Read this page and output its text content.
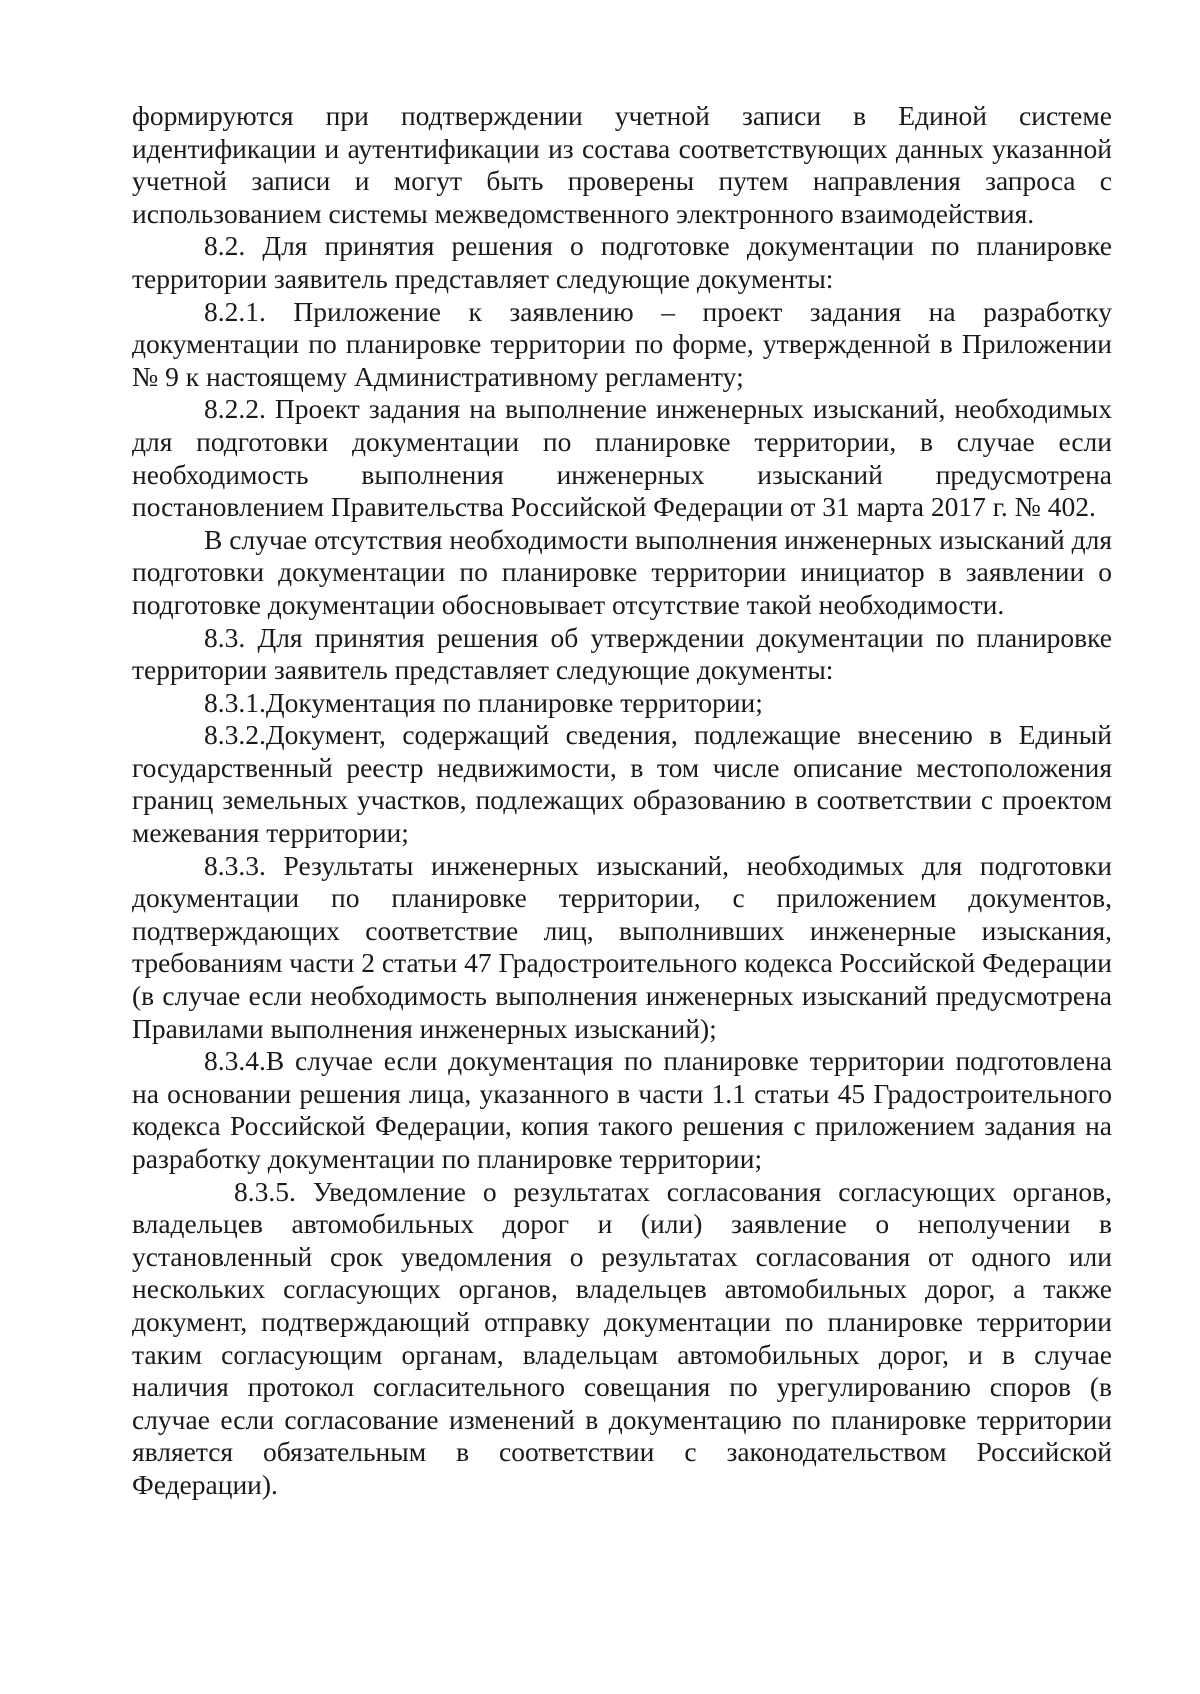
формируются при подтверждении учетной записи в Единой системе идентификации и аутентификации из состава соответствующих данных указанной учетной записи и могут быть проверены путем направления запроса с использованием системы межведомственного электронного взаимодействия.

8.2. Для принятия решения о подготовке документации по планировке территории заявитель представляет следующие документы:

8.2.1. Приложение к заявлению – проект задания на разработку документации по планировке территории по форме, утвержденной в Приложении № 9 к настоящему Административному регламенту;

8.2.2. Проект задания на выполнение инженерных изысканий, необходимых для подготовки документации по планировке территории, в случае если необходимость выполнения инженерных изысканий предусмотрена постановлением Правительства Российской Федерации от 31 марта 2017 г. № 402.

В случае отсутствия необходимости выполнения инженерных изысканий для подготовки документации по планировке территории инициатор в заявлении о подготовке документации обосновывает отсутствие такой необходимости.

8.3. Для принятия решения об утверждении документации по планировке территории заявитель представляет следующие документы:

8.3.1.Документация по планировке территории;

8.3.2.Документ, содержащий сведения, подлежащие внесению в Единый государственный реестр недвижимости, в том числе описание местоположения границ земельных участков, подлежащих образованию в соответствии с проектом межевания территории;

8.3.3. Результаты инженерных изысканий, необходимых для подготовки документации по планировке территории, с приложением документов, подтверждающих соответствие лиц, выполнивших инженерные изыскания, требованиям части 2 статьи 47 Градостроительного кодекса Российской Федерации (в случае если необходимость выполнения инженерных изысканий предусмотрена Правилами выполнения инженерных изысканий);

8.3.4.В случае если документация по планировке территории подготовлена на основании решения лица, указанного в части 1.1 статьи 45 Градостроительного кодекса Российской Федерации, копия такого решения с приложением задания на разработку документации по планировке территории;

8.3.5. Уведомление о результатах согласования согласующих органов, владельцев автомобильных дорог и (или) заявление о неполучении в установленный срок уведомления о результатах согласования от одного или нескольких согласующих органов, владельцев автомобильных дорог, а также документ, подтверждающий отправку документации по планировке территории таким согласующим органам, владельцам автомобильных дорог, и в случае наличия протокол согласительного совещания по урегулированию споров (в случае если согласование изменений в документацию по планировке территории является обязательным в соответствии с законодательством Российской Федерации).
